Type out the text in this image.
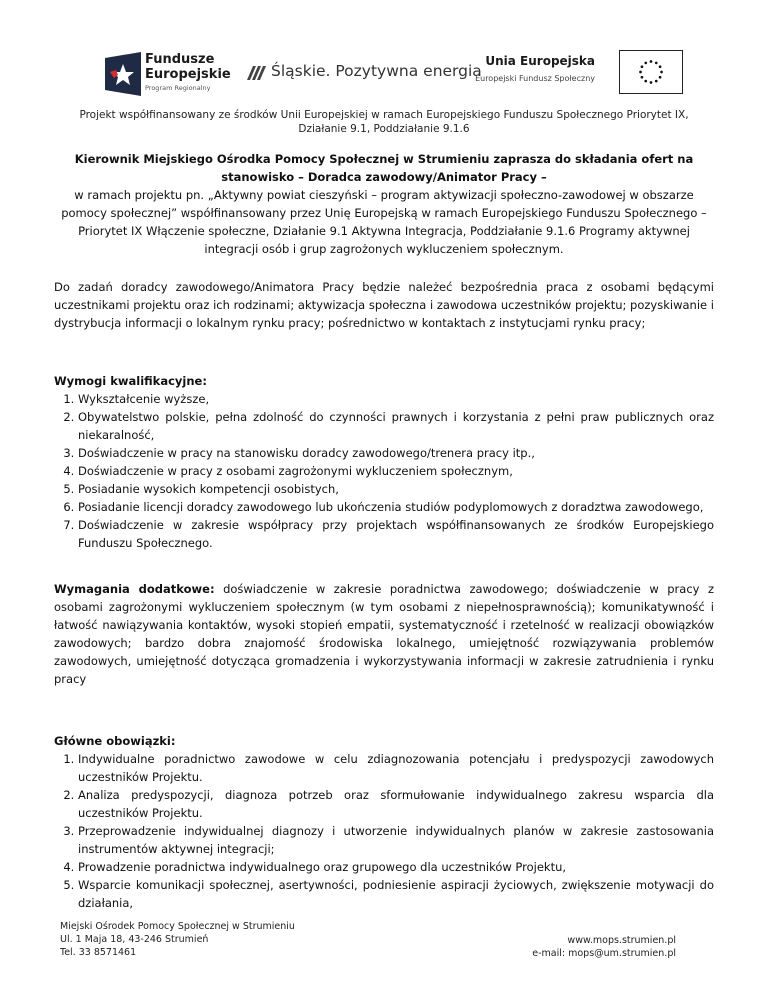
Fundusze
Europejskie
Program Regionalny
Śląskie. Pozytywna energia
Unia Europejska
Europejski Fundusz Społeczny
Projekt współfinansowany ze środków Unii Europejskiej w ramach Europejskiego Funduszu Społecznego Priorytet IX, Działanie 9.1, Poddziałanie 9.1.6
Kierownik Miejskiego Ośrodka Pomocy Społecznej w Strumieniu zaprasza do składania ofert na stanowisko – Doradca zawodowy/Animator Pracy –
w ramach projektu pn. „Aktywny powiat cieszyński – program aktywizacji społeczno-zawodowej w obszarze pomocy społecznej” współfinansowany przez Unię Europejską w ramach Europejskiego Funduszu Społecznego – Priorytet IX Włączenie społeczne, Działanie 9.1 Aktywna Integracja, Poddziałanie 9.1.6 Programy aktywnej integracji osób i grup zagrożonych wykluczeniem społecznym.
Do zadań doradcy zawodowego/Animatora Pracy będzie należeć bezpośrednia praca z osobami będącymi uczestnikami projektu oraz ich rodzinami; aktywizacja społeczna i zawodowa uczestników projektu; pozyskiwanie i dystrybucja informacji o lokalnym rynku pracy; pośrednictwo w kontaktach z instytucjami rynku pracy;
Wymogi kwalifikacyjne:
1. Wykształcenie wyższe,
2. Obywatelstwo polskie, pełna zdolność do czynności prawnych i korzystania z pełni praw publicznych oraz niekaralność,
3. Doświadczenie w pracy na stanowisku doradcy zawodowego/trenera pracy itp.,
4. Doświadczenie w pracy z osobami zagrożonymi wykluczeniem społecznym,
5. Posiadanie wysokich kompetencji osobistych,
6. Posiadanie licencji doradcy zawodowego lub ukończenia studiów podyplomowych z doradztwa zawodowego,
7. Doświadczenie w zakresie współpracy przy projektach współfinansowanych ze środków Europejskiego Funduszu Społecznego.
Wymagania dodatkowe: doświadczenie w zakresie poradnictwa zawodowego; doświadczenie w pracy z osobami zagrożonymi wykluczeniem społecznym (w tym osobami z niepełnosprawnością); komunikatywność i łatwość nawiązywania kontaktów, wysoki stopień empatii, systematyczność i rzetelność w realizacji obowiązków zawodowych; bardzo dobra znajomość środowiska lokalnego, umiejętność rozwiązywania problemów zawodowych, umiejętność dotycząca gromadzenia i wykorzystywania informacji w zakresie zatrudnienia i rynku pracy
Główne obowiązki:
1. Indywidualne poradnictwo zawodowe w celu zdiagnozowania potencjału i predyspozycji zawodowych uczestników Projektu.
2. Analiza predyspozycji, diagnoza potrzeb oraz sformułowanie indywidualnego zakresu wsparcia dla uczestników Projektu.
3. Przeprowadzenie indywidualnej diagnozy i utworzenie indywidualnych planów w zakresie zastosowania instrumentów aktywnej integracji;
4. Prowadzenie poradnictwa indywidualnego oraz grupowego dla uczestników Projektu,
5. Wsparcie komunikacji społecznej, asertywności, podniesienie aspiracji życiowych, zwiększenie motywacji do działania,
Miejski Ośrodek Pomocy Społecznej w Strumieniu
Ul. 1 Maja 18, 43-246 Strumień
Tel. 33 8571461
www.mops.strumien.pl
e-mail: mops@um.strumien.pl
